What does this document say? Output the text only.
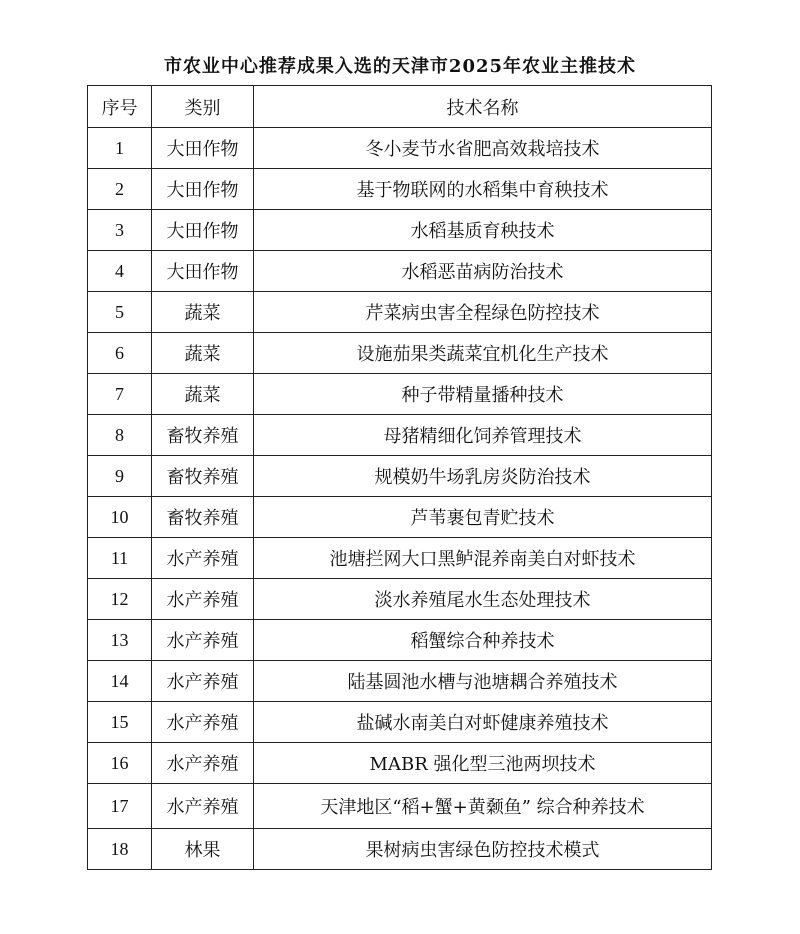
市农业中心推荐成果入选的天津市2025年农业主推技术
序号	类别	技术名称
1	大田作物	冬小麦节水省肥高效栽培技术
2	大田作物	基于物联网的水稻集中育秧技术
3	大田作物	水稻基质育秧技术
4	大田作物	水稻恶苗病防治技术
5	蔬菜	芹菜病虫害全程绿色防控技术
6	蔬菜	设施茄果类蔬菜宜机化生产技术
7	蔬菜	种子带精量播种技术
8	畜牧养殖	母猪精细化饲养管理技术
9	畜牧养殖	规模奶牛场乳房炎防治技术
10	畜牧养殖	芦苇裹包青贮技术
11	水产养殖	池塘拦网大口黑鲈混养南美白对虾技术
12	水产养殖	淡水养殖尾水生态处理技术
13	水产养殖	稻蟹综合种养技术
14	水产养殖	陆基圆池水槽与池塘耦合养殖技术
15	水产养殖	盐碱水南美白对虾健康养殖技术
16	水产养殖	MABR 强化型三池两坝技术
17	水产养殖	天津地区“稻+蟹+黄颡鱼” 综合种养技术
18	林果	果树病虫害绿色防控技术模式
